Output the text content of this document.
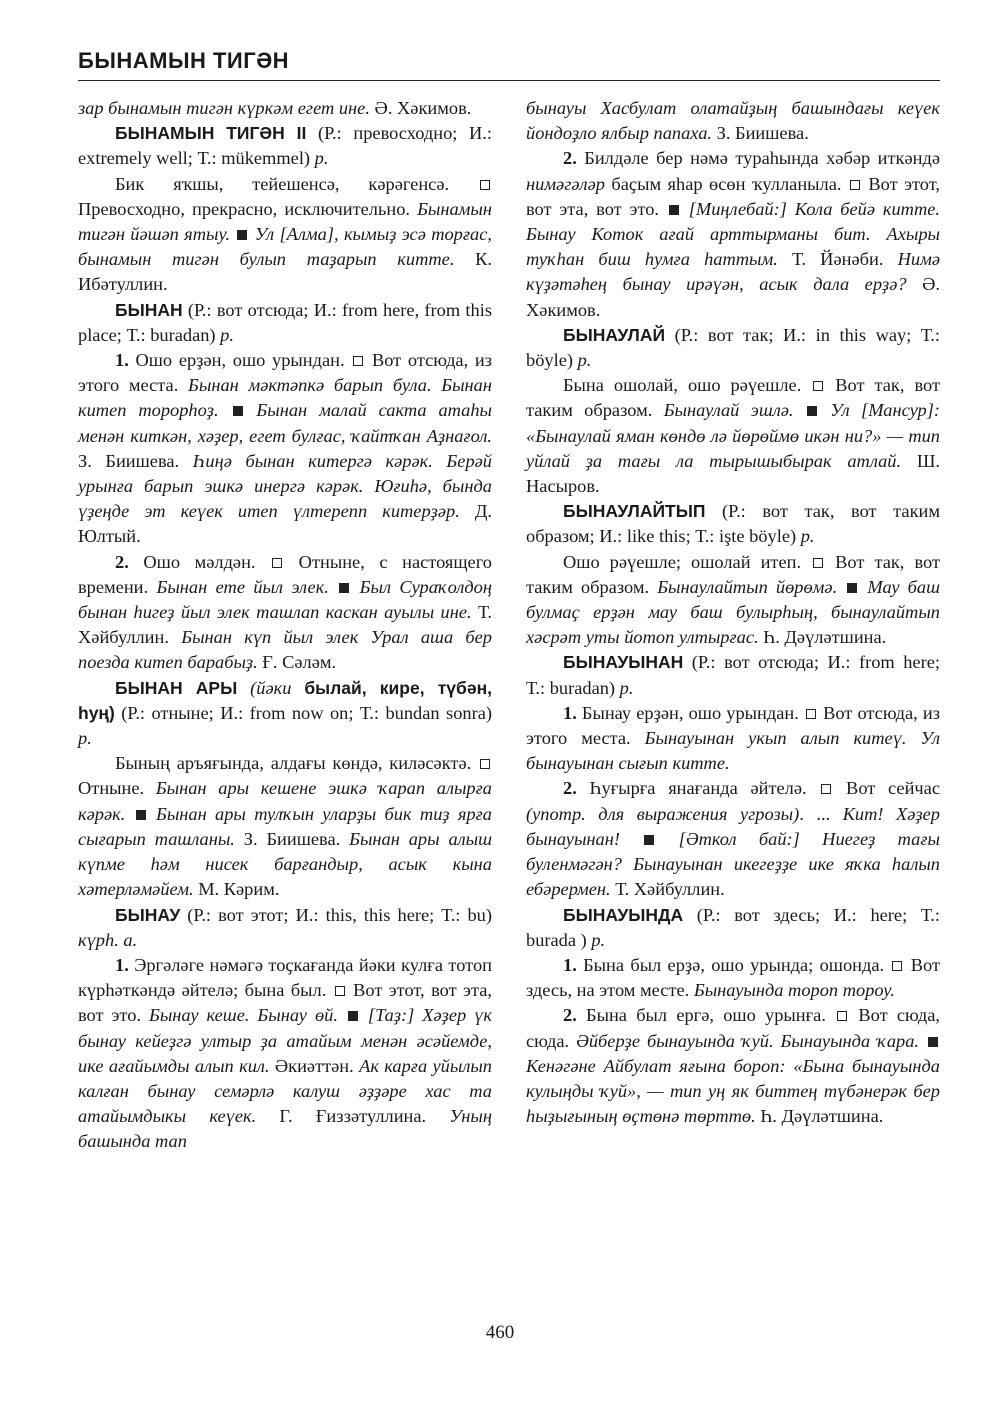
БЫНАМЫН ТИГӘН

зар бынамын тигән күркәм егет ине. Ә. Хәкимов.

БЫНАМЫН ТИГӘН II (Р.: превосходно; И.: extremely well; Т.: mükemmel) р.

Бик яҡшы, тейешенсә, кәрәгенсә.  Превосходно, прекрасно, исключительно. Бынамын тигән йәшәп ятыу.  Ул [Алма], кымыҙ эсә торғас, бынамын тигән булып таҙарып китте. К. Ибәтуллин.

БЫНАН (Р.: вот отсюда; И.: from here, from this place; Т.: buradan) р.

1. Ошо ерҙән, ошо урындан.  Вот отсюда, из этого места. Бынан мәктәпкә барып була. Бынан китеп торорһоҙ.  Бынан малай сакта атаһы менән киткән, хәҙер, егет булғас, ҡайтҡан Аҙнағол. З. Биишева. Һиңә бынан китергә кәрәк. Берәй урынға барып эшкә инергә кәрәк. Юғиһә, бында үҙеңде эт кеүек итеп үлтерепп китерҙәр. Д. Юлтый.

2. Ошо мәлдән.  Отныне, с настоящего времени. Бынан ете йыл элек.  Был Сураҡолдоң бынан һигеҙ йыл элек ташлап каскан ауылы ине. Т. Хәйбуллин. Бынан күп йыл элек Урал аша бер поезда китеп барабыҙ. Ғ. Сәләм.

БЫНАН АРЫ (йәки былай, кире, түбән, һуң) (Р.: отныне; И.: from now on; Т.: bundan sonra) р.

Бының аръяғында, алдағы көндә, киләсәктә.  Отныне. Бынан ары кешене эшкә ҡарап алырға кәрәк.  Бынан ары тулҡын уларҙы бик тиҙ ярға сығарып ташланы. З. Биишева. Бынан ары алыш күпме һәм нисек барғандыр, асык кына хәтерләмәйем. М. Кәрим.

БЫНАУ (Р.: вот этот; И.: this, this here; Т.: bu) күрһ. а.

1. Эргәләге нәмәгә тоҫкағанда йәки кулға тотоп күрһәткәндә әйтелә; бына был.  Вот этот, вот эта, вот это. Бынау кеше. Бынау өй.  [Таҙ:] Хәҙер үк бынау кейеҙгә ултыр ҙа атайым менән әсәйемде, ике ағайымды алып кил. Әкиәттән. Ак карға уйылып калған бынау семәрлә калуш әҙҙәре хас та атайымдыкы кеүек. Г. Ғиззәтуллина. Уның башында тап

бынауы Хасбулат олатайҙың башындағы кеүек йондоҙло ялбыр папаха. З. Биишева.

2. Билдәле бер нәмә тураһында хәбәр иткәндә нимәгәләр баҫым яһар өсөн ҡулланыла.  Вот этот, вот эта, вот это.  [Миңлебай:] Кола бейә китте. Бынау Коток ағай арттырманы бит. Ахыры туҡһан биш һумға һаттым. Т. Йәнәби. Нимә күҙәтәһең бынау ирәүән, асык дала ерҙә? Ә. Хәкимов.

БЫНАУЛАЙ (Р.: вот так; И.: in this way; Т.: böyle) р.

Бына ошолай, ошо рәүешле.  Вот так, вот таким образом. Бынаулай эшлә.  Ул [Мансур]: «Бынаулай яман көндө лә йөрөймө икән ни?» — тип уйлай ҙа тағы ла тырышыбырак атлай. Ш. Насыров.

БЫНАУЛАЙТЫП (Р.: вот так, вот таким образом; И.: like this; Т.: işte böyle) р.

Ошо рәүешле; ошолай итеп.  Вот так, вот таким образом. Бынаулайтып йөрөмә.  Мау баш булмаҫ ерҙән мау баш булырһың, бынаулайтып хәсрәт уты йотоп ултырғас. Һ. Дәүләтшина.

БЫНАУЫНАН (Р.: вот отсюда; И.: from here; Т.: buradan) р.

1. Бынау ерҙән, ошо урындан.  Вот отсюда, из этого места. Бынауынан укып алып китеү. Ул бынауынан сығып китте.

2. Һуғырға янағанда әйтелә.  Вот сейчас (употр. для выражения угрозы). ... Кит! Хәҙер бынауынан!  [Әткол бай:] Ниегеҙ тағы буленмәгән? Бынауынан икегеҙҙе ике яҡка һалып ебәрермен. Т. Хәйбуллин.

БЫНАУЫНДА (Р.: вот здесь; И.: here; Т.: burada ) р.

1. Бына был ерҙә, ошо урында; ошонда.  Вот здесь, на этом месте. Бынауында тороп тороу.

2. Бына был ергә, ошо урынға.  Вот сюда, сюда. Әйберҙе бынауында ҡуй. Бынауында ҡара.  Кенәгәне Айбулат яғына бороп: «Бына бынауында кулыңды ҡуй», — тип уң як биттең түбәнерәк бер һыҙығының өҫтөнә төрттө. Һ. Дәүләтшина.

460
